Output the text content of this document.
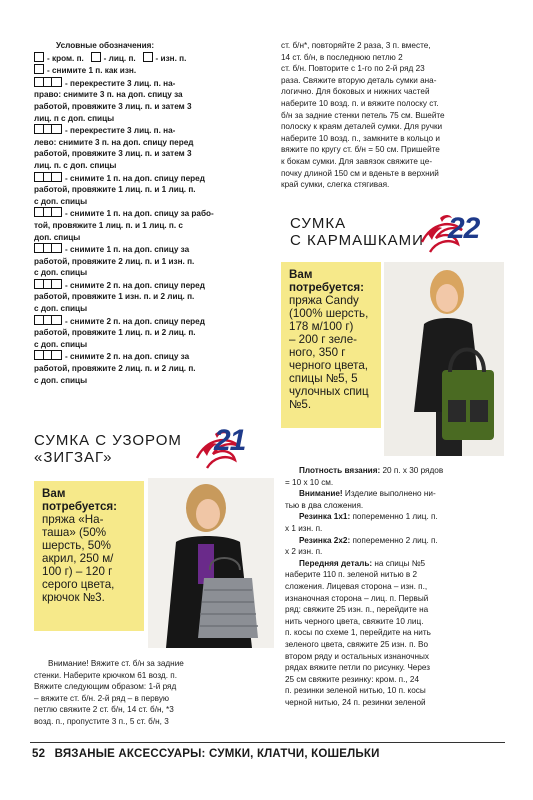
Условные обозначения:
- кром. п. - лиц. п. - изн. п.
- снимите 1 п. как изн.
- перекрестите 3 лиц. п. на-
право: снимите 3 п. на доп. спицу за
работой, провяжите 3 лиц. п. и затем 3
лиц. п с доп. спицы
- перекрестите 3 лиц. п. на-
лево: снимите 3 п. на доп. спицу перед
работой, провяжите 3 лиц. п. и затем 3
лиц. п. с доп. спицы
- снимите 1 п. на доп. спицу перед
работой, провяжите 1 лиц. п. и 1 лиц. п.
с доп. спицы
- снимите 1 п. на доп. спицу за рабо-
той, провяжите 1 лиц. п. и 1 лиц. п. с
доп. спицы
- снимите 1 п. на доп. спицу за
работой, провяжите 2 лиц. п. и 1 изн. п.
с доп. спицы
- снимите 2 п. на доп. спицу перед
работой, провяжите 1 изн. п. и 2 лиц. п.
с доп. спицы
- снимите 2 п. на доп. спицу перед
работой, провяжите 1 лиц. п. и 2 лиц. п.
с доп. спицы
- снимите 2 п. на доп. спицу за
работой, провяжите 2 лиц. п. и 2 лиц. п.
с доп. спицы
ст. б/н*, повторяйте 2 раза, 3 п. вместе,
14 ст. б/н, в последнюю петлю 2
ст. б/н. Повторите с 1-го по 2-й ряд 23
раза. Свяжите вторую деталь сумки ана-
логично. Для боковых и нижних частей
наберите 10 возд. п. и вяжите полоску ст.
б/н за задние стенки петель 75 см. Вшейте
полоску к краям деталей сумки. Для ручки
наберите 10 возд. п., замкните в кольцо и
вяжите по кругу ст. б/н = 50 см. Пришейте
к бокам сумки. Для завязок свяжите це-
почку длиной 150 см и вденьте в верхний
край сумки, слегка стягивая.
СУМКА
С КАРМАШКАМИ 22
Вам потребуется:
пряжа Candy
(100% шерсть,
178 м/100 г)
– 200 г зеле-
ного, 350 г
черного цвета,
спицы №5, 5
чулочных спиц
№5.
Плотность вязания: 20 п. х 30 рядов
= 10 х 10 см.
Внимание! Изделие выполнено ни-
тью в два сложения.
Резинка 1х1: попеременно 1 лиц. п.
х 1 изн. п.
Резинка 2х2: попеременно 2 лиц. п.
х 2 изн. п.
Передняя деталь: на спицы №5
наберите 110 п. зеленой нитью в 2
сложения. Лицевая сторона – изн. п.,
изнаночная сторона – лиц. п. Первый
ряд: свяжите 25 изн. п., перейдите на
нить черного цвета, свяжите 10 лиц.
п. косы по схеме 1, перейдите на нить
зеленого цвета, свяжите 25 изн. п. Во
втором ряду и остальных изнаночных
рядах вяжите петли по рисунку. Через
25 см свяжите резинку: кром. п., 24
п. резинки зеленой нитью, 10 п. косы
черной нитью, 24 п. резинки зеленой
СУМКА С УЗОРОМ
«ЗИГЗАГ»
21
Вам потребуется:
пряжа «На-
таша» (50%
шерсть, 50%
акрил, 250 м/
100 г) – 120 г
серого цвета,
крючок №3.
Внимание! Вяжите ст. б/н за задние
стенки. Наберите крючком 61 возд. п.
Вяжите следующим образом: 1-й ряд
– вяжите ст. б/н. 2-й ряд – в первую
петлю свяжите 2 ст. б/н, 14 ст. б/н, *3
возд. п., пропустите 3 п., 5 ст. б/н, 3
52 ВЯЗАНЫЕ АКСЕССУАРЫ: СУМКИ, КЛАТЧИ, КОШЕЛЬКИ
